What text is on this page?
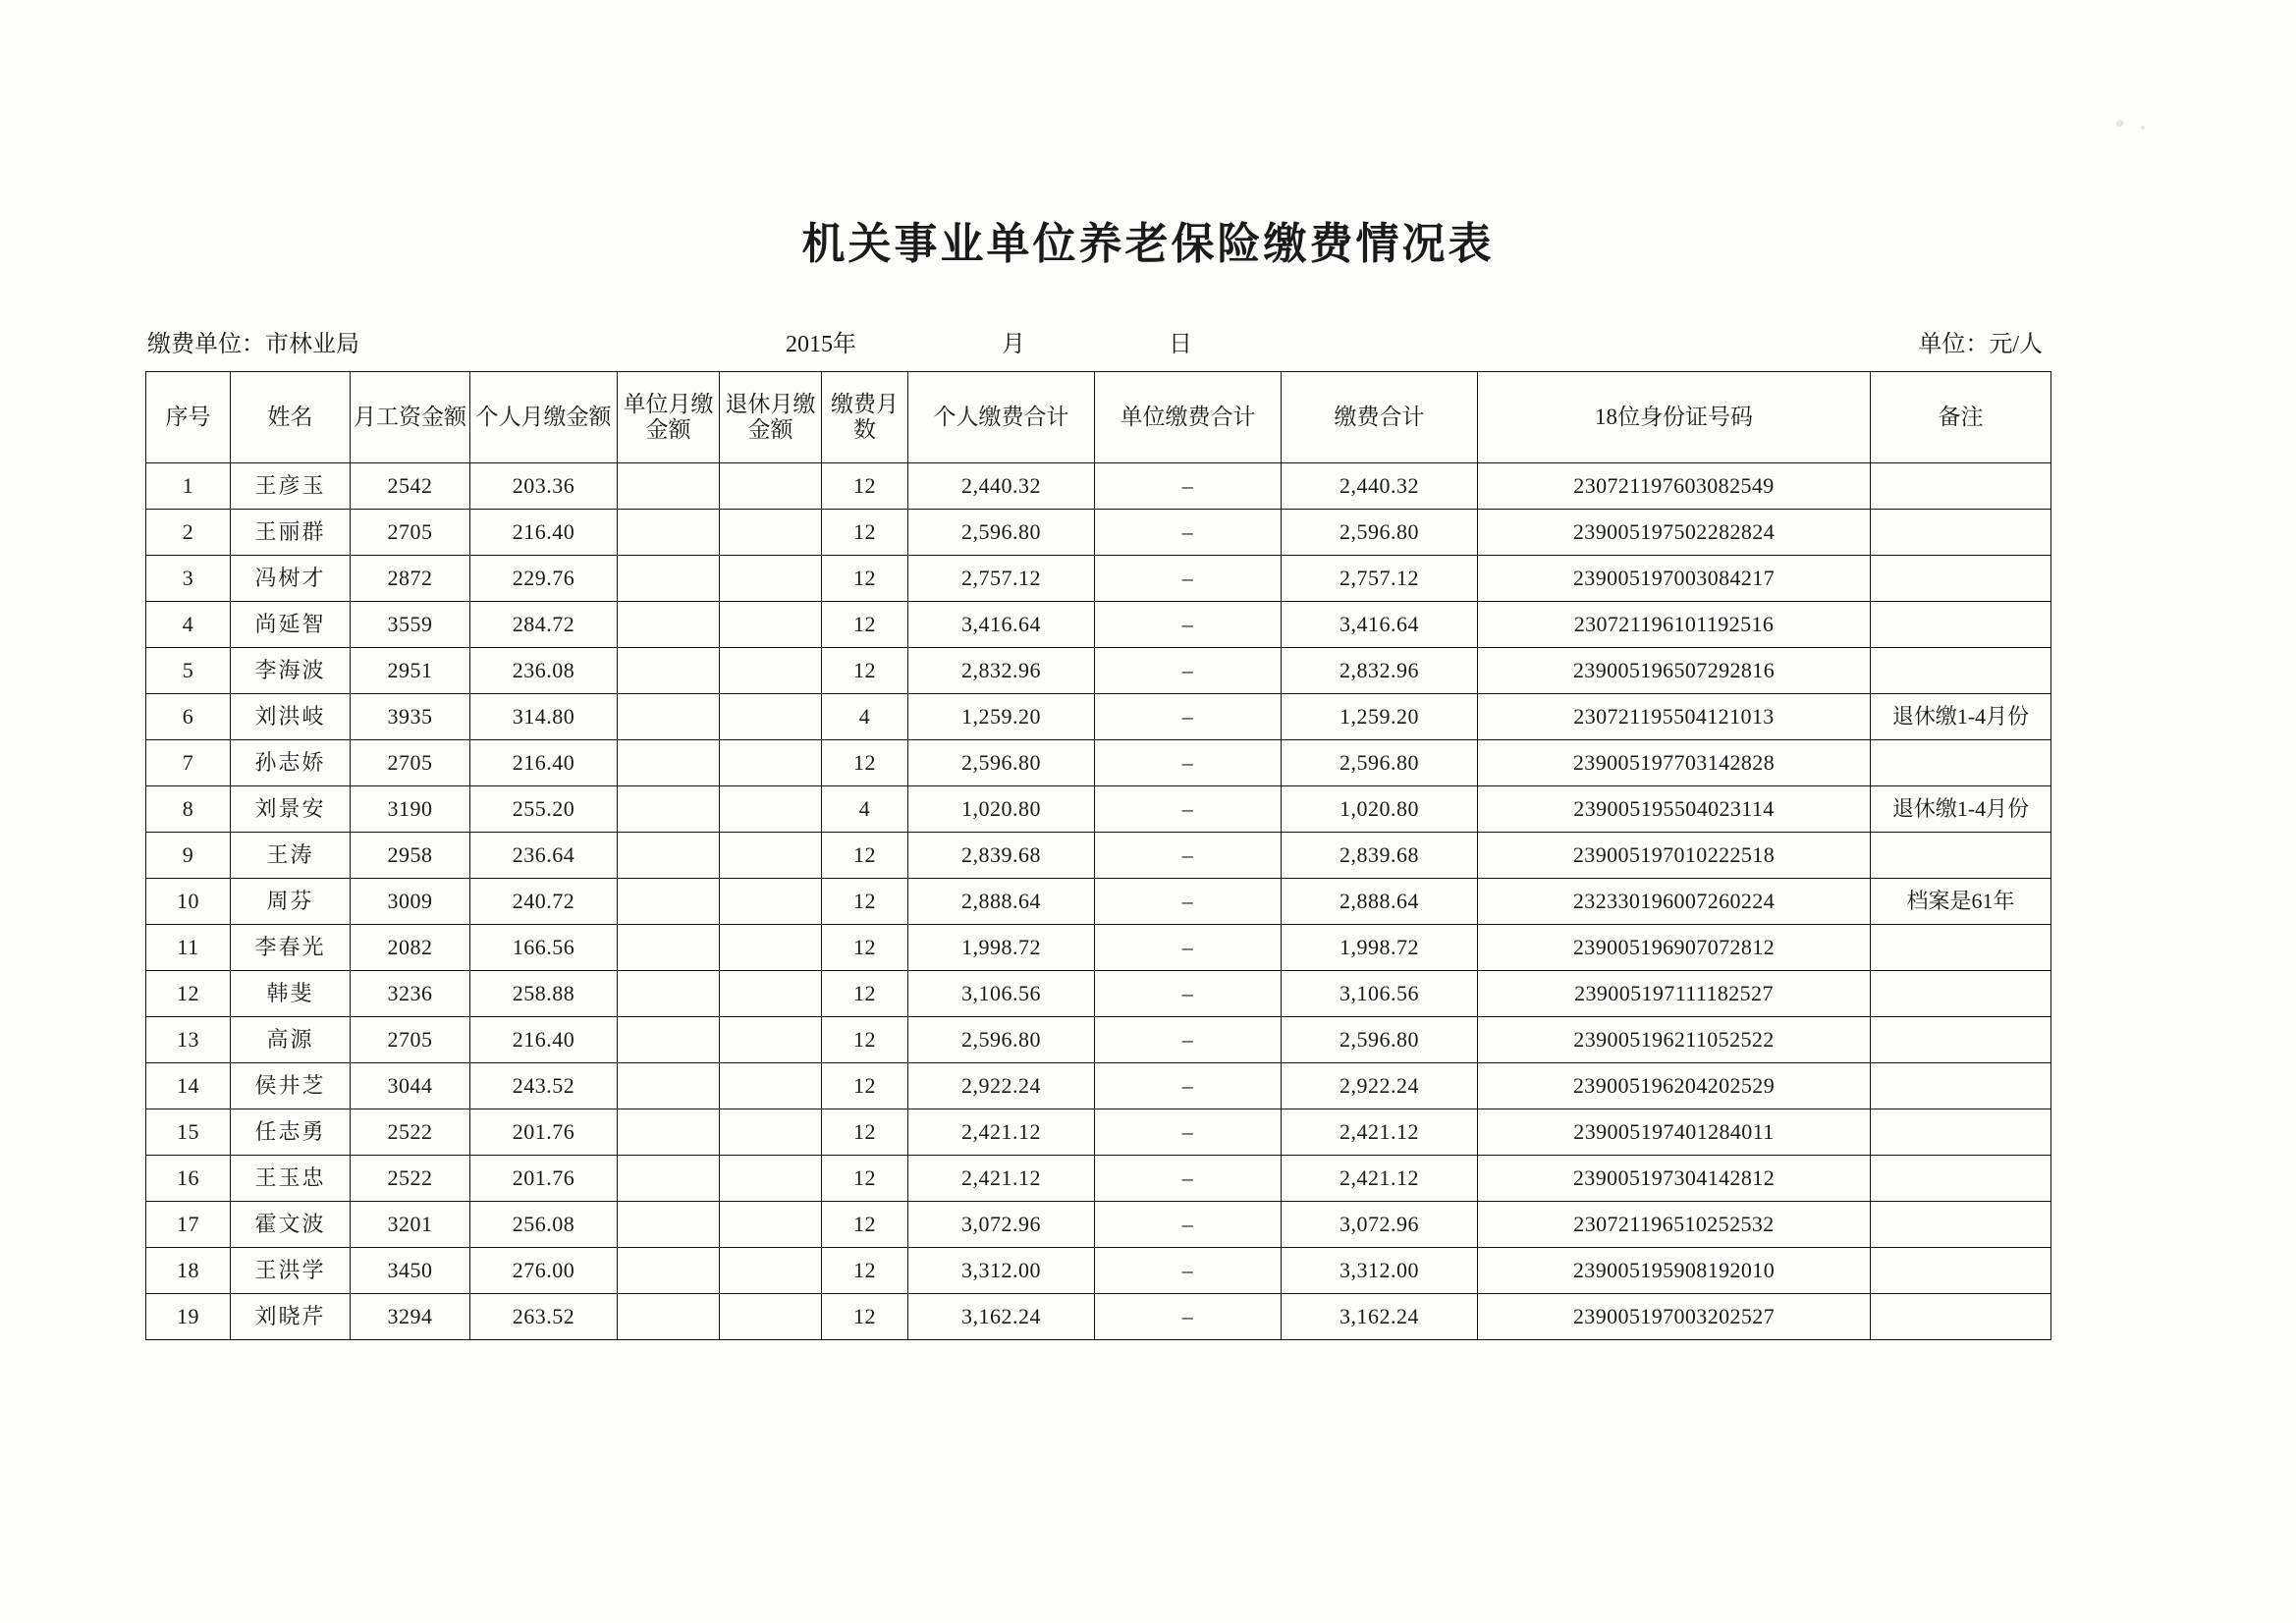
机关事业单位养老保险缴费情况表
缴费单位：市林业局	2015年	月	日	单位：元/人
序号	姓名	月工资金额	个人月缴金额	单位月缴金额	退休月缴金额	缴费月数	个人缴费合计	单位缴费合计	缴费合计	18位身份证号码	备注
1	王彦玉	2542	203.36			12	2,440.32	–	2,440.32	230721197603082549	
2	王丽群	2705	216.40			12	2,596.80	–	2,596.80	239005197502282824	
3	冯树才	2872	229.76			12	2,757.12	–	2,757.12	239005197003084217	
4	尚延智	3559	284.72			12	3,416.64	–	3,416.64	230721196101192516	
5	李海波	2951	236.08			12	2,832.96	–	2,832.96	239005196507292816	
6	刘洪岐	3935	314.80			4	1,259.20	–	1,259.20	230721195504121013	退休缴1-4月份
7	孙志娇	2705	216.40			12	2,596.80	–	2,596.80	239005197703142828	
8	刘景安	3190	255.20			4	1,020.80	–	1,020.80	239005195504023114	退休缴1-4月份
9	王涛	2958	236.64			12	2,839.68	–	2,839.68	239005197010222518	
10	周芬	3009	240.72			12	2,888.64	–	2,888.64	232330196007260224	档案是61年
11	李春光	2082	166.56			12	1,998.72	–	1,998.72	239005196907072812	
12	韩斐	3236	258.88			12	3,106.56	–	3,106.56	239005197111182527	
13	高源	2705	216.40			12	2,596.80	–	2,596.80	239005196211052522	
14	侯井芝	3044	243.52			12	2,922.24	–	2,922.24	239005196204202529	
15	任志勇	2522	201.76			12	2,421.12	–	2,421.12	239005197401284011	
16	王玉忠	2522	201.76			12	2,421.12	–	2,421.12	239005197304142812	
17	霍文波	3201	256.08			12	3,072.96	–	3,072.96	230721196510252532	
18	王洪学	3450	276.00			12	3,312.00	–	3,312.00	239005195908192010	
19	刘晓芹	3294	263.52			12	3,162.24	–	3,162.24	239005197003202527	
